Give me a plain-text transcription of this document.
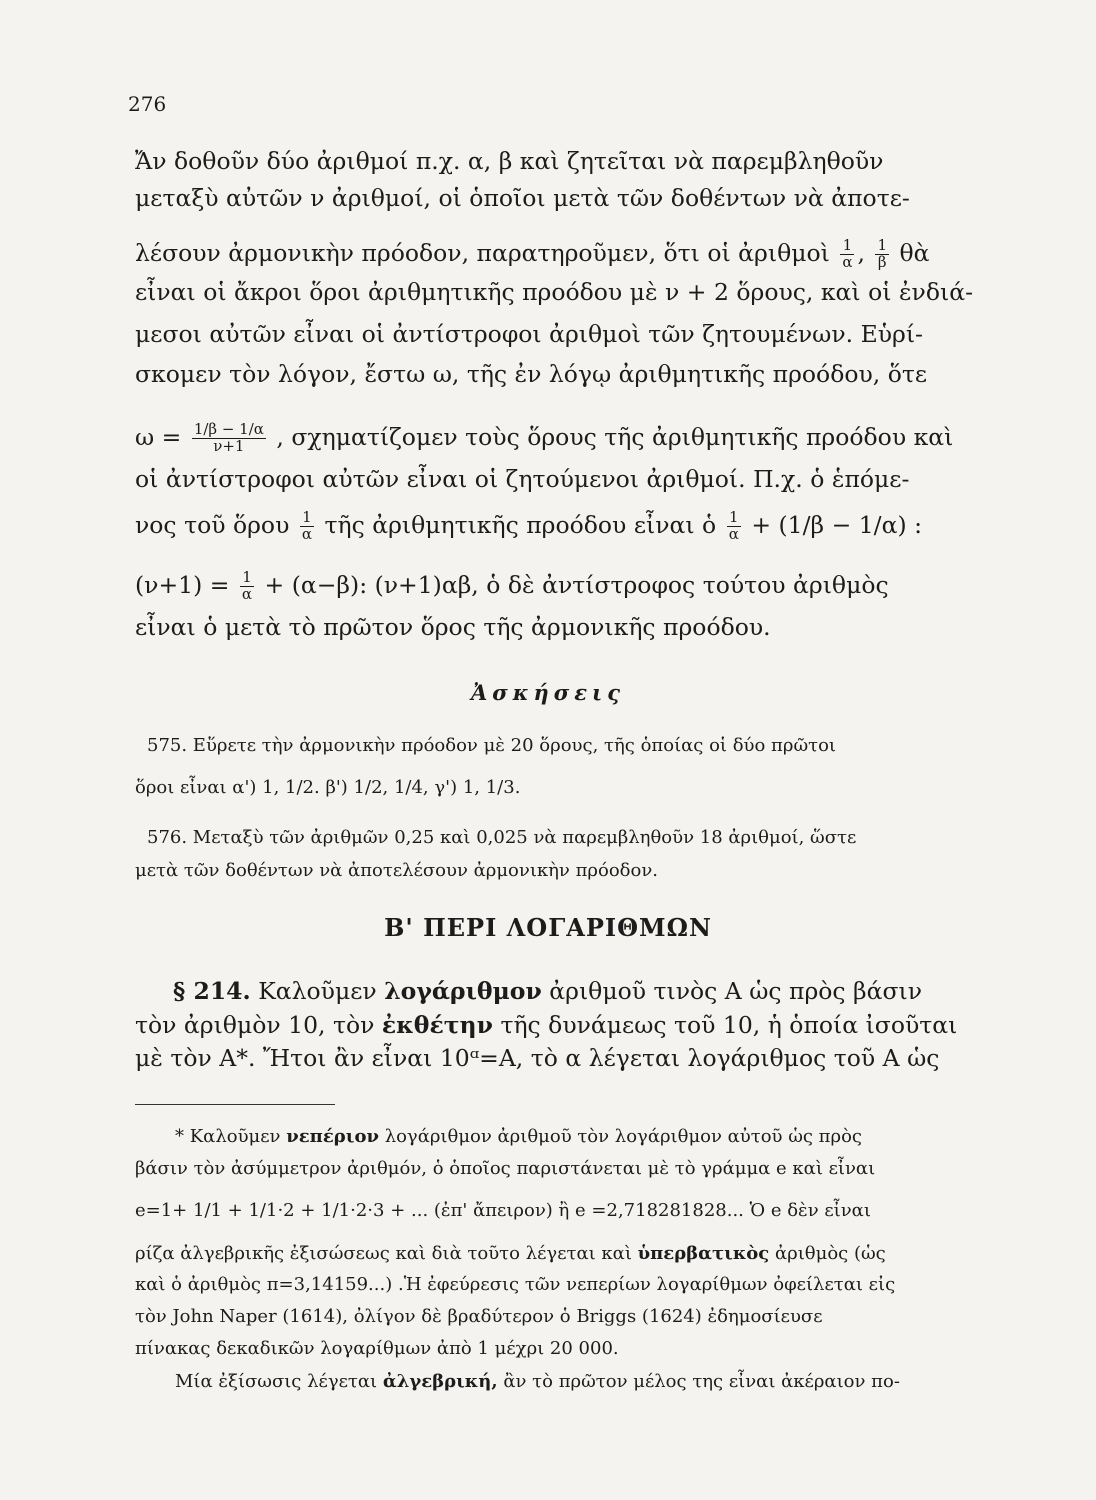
276
Ἄν δοθοῦν δύο ἀριθμοί π.χ. α, β καὶ ζητεῖται νὰ παρεμβληθοῦν
μεταξὺ αὐτῶν ν ἀριθμοί, οἱ ὁποῖοι μετὰ τῶν δοθέντων νὰ ἀποτε-
λέσουν ἀρμονικὴν πρόοδον, παρατηροῦμεν, ὅτι οἱ ἀριθμοὶ $\frac{1}{\alpha}$ , $\frac{1}{\beta}$ θὰ
εἶναι οἱ ἄκροι ὅροι ἀριθμητικῆς προόδου μὲ ν + 2 ὅρους, καὶ οἱ ἐνδιά-
μεσοι αὐτῶν εἶναι οἱ ἀντίστροφοι ἀριθμοὶ τῶν ζητουμένων. Εὑρί-
σκομεν τὸν λόγον, ἔστω ω, τῆς ἐν λόγῳ ἀριθμητικῆς προόδου, ὅτε
$\omega = \frac{1/\beta - 1/\alpha}{\nu+1}$ , σχηματίζομεν τοὺς ὅρους τῆς ἀριθμητικῆς προόδου καὶ
οἱ ἀντίστροφοι αὐτῶν εἶναι οἱ ζητούμενοι ἀριθμοί. Π.χ. ὁ ἑπόμε-
νος τοῦ ὅρου $\frac{1}{\alpha}$ τῆς ἀριθμητικῆς προόδου εἶναι ὁ $\frac{1}{\alpha} + (1/\beta - 1/\alpha)$ :
$(\nu+1) = \frac{1}{\alpha} + (\alpha-\beta)$: (ν+1)αβ, ὁ δὲ ἀντίστροφος τούτου ἀριθμὸς
εἶναι ὁ μετὰ τὸ πρῶτον ὅρος τῆς ἀρμονικῆς προόδου.
Ἀσκήσεις
575. Εὕρετε τὴν ἀρμονικὴν πρόοδον μὲ 20 ὅρους, τῆς ὁποίας οἱ δύο πρῶτοι
ὅροι εἶναι α') 1, 1/2. β') 1/2, 1/4, γ') 1, 1/3.
576. Μεταξὺ τῶν ἀριθμῶν 0,25 καὶ 0,025 νὰ παρεμβληθοῦν 18 ἀριθμοί, ὥστε
μετὰ τῶν δοθέντων νὰ ἀποτελέσουν ἀρμονικὴν πρόοδον.
Β' ΠΕΡΙ ΛΟΓΑΡΙΘΜΩΝ
§ 214. Καλοῦμεν λογάριθμον ἀριθμοῦ τινὸς Α ὡς πρὸς βάσιν
τὸν ἀριθμὸν 10, τὸν ἐκθέτην τῆς δυνάμεως τοῦ 10, ἡ ὁποία ἰσοῦται
μὲ τὸν Α*. Ἤτοι ἂν εἶναι 10ᵅ=Α, τὸ α λέγεται λογάριθμος τοῦ Α ὡς
* Καλοῦμεν νεπέριον λογάριθμον ἀριθμοῦ τὸν λογάριθμον αὐτοῦ ὡς πρὸς
βάσιν τὸν ἀσύμμετρον ἀριθμόν, ὁ ὁποῖος παριστάνεται μὲ τὸ γράμμα e καὶ εἶναι
e=1+ 1/1 + 1/1·2 + 1/1·2·3 + ... (ἐπ' ἄπειρον) ἢ e =2,718281828... Ὁ e δὲν εἶναι
ρίζα ἀλγεβρικῆς ἐξισώσεως καὶ διὰ τοῦτο λέγεται καὶ ὑπερβατικὸς ἀριθμὸς (ὡς
καὶ ὁ ἀριθμὸς π=3,14159...) .Ἡ ἐφεύρεσις τῶν νεπερίων λογαρίθμων ὀφείλεται εἰς
τὸν John Naper (1614), ὀλίγον δὲ βραδύτερον ὁ Briggs (1624) ἐδημοσίευσε
πίνακας δεκαδικῶν λογαρίθμων ἀπὸ 1 μέχρι 20 000.
Μία ἐξίσωσις λέγεται ἀλγεβρική, ἂν τὸ πρῶτον μέλος της εἶναι ἀκέραιον πο-
